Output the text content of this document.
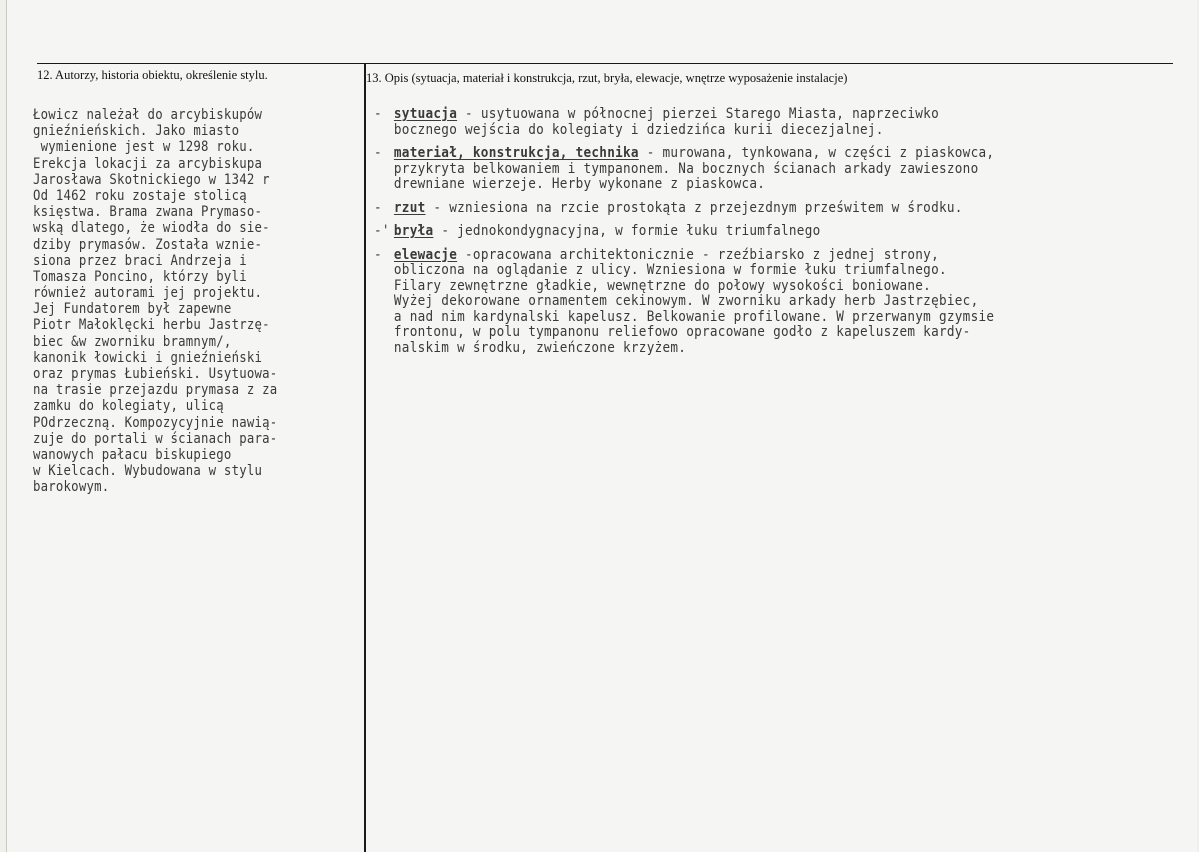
12. Autorzy, historia obiektu, określenie stylu.	13. Opis (sytuacja, materiał i konstrukcja, rzut, bryła, elewacje, wnętrze wyposażenie instalacje)
Łowicz należał do arcybiskupów
gnieźnieńskich. Jako miasto
wymienione jest w 1298 roku.
Erekcja lokacji za arcybiskupa
Jarosława Skotnickiego w 1342 r
Od 1462 roku zostaje stolicą
księstwa. Brama zwana Prymaso-
wską dlatego, że wiodła do sie-
dziby prymasów. Została wznie-
siona przez braci Andrzeja i
Tomasza Poncino, którzy byli
również autorami jej projektu.
Jej Fundatorem był zapewne
Piotr Małoklęcki herbu Jastrzę-
biec &w zworniku bramnym/,
kanonik łowicki i gnieźnieński
oraz prymas Łubieński. Usytuowa-
na trasie przejazdu prymasa z za
zamku do kolegiaty, ulicą
POdrzeczną. Kompozycyjnie nawią-
zuje do portali w ścianach para-
wanowych pałacu biskupiego
w Kielcach. Wybudowana w stylu
barokowym.
- sytuacja - usytuowana w północnej pierzei Starego Miasta, naprzeciwko
bocznego wejścia do kolegiaty i dziedzińca kurii diecezjalnej.
- materiał, konstrukcja, technika - murowana, tynkowana, w części z piaskowca,
przykryta belkowaniem i tympanonem. Na bocznych ścianach arkady zawieszono
drewniane wierzeje. Herby wykonane z piaskowca.
- rzut - wzniesiona na rzcie prostokąta z przejezdnym prześwitem w środku.
-' bryła - jednokondygnacyjna, w formie łuku triumfalnego
- elewacje -opracowana architektonicznie - rzeźbiarsko z jednej strony,
obliczona na oglądanie z ulicy. Wzniesiona w formie łuku triumfalnego.
Filary zewnętrzne gładkie, wewnętrzne do połowy wysokości boniowane.
Wyżej dekorowane ornamentem cekinowym. W zworniku arkady herb Jastrzębiec,
a nad nim kardynalski kapelusz. Belkowanie profilowane. W przerwanym gzymsie
frontonu, w polu tympanonu reliefowo opracowane godło z kapeluszem kardy-
nalskim w środku, zwieńczone krzyżem.
